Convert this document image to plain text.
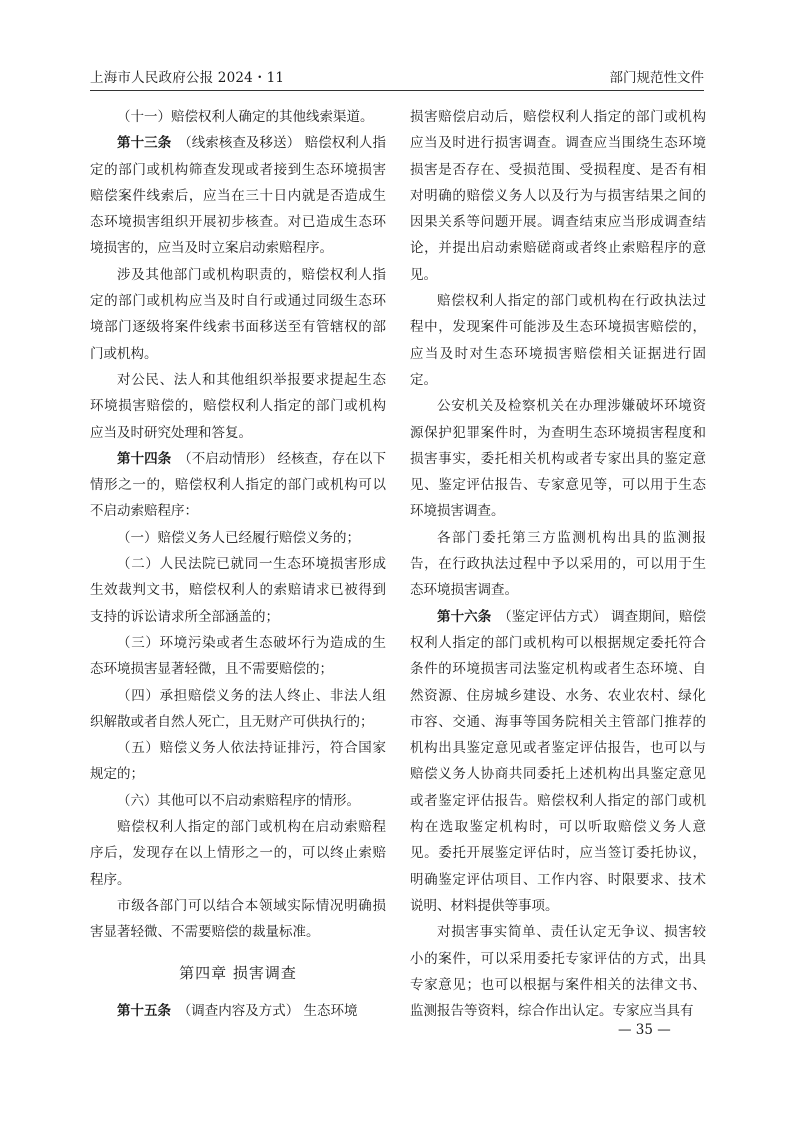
上海市人民政府公报 2024・11	部门规范性文件

（十一）赔偿权利人确定的其他线索渠道。

第十三条　 （线索核查及移送） 赔偿权利人指定的部门或机构筛查发现或者接到生态环境损害赔偿案件线索后，应当在三十日内就是否造成生态环境损害组织开展初步核查。对已造成生态环境损害的，应当及时立案启动索赔程序。

涉及其他部门或机构职责的，赔偿权利人指定的部门或机构应当及时自行或通过同级生态环境部门逐级将案件线索书面移送至有管辖权的部门或机构。

对公民、法人和其他组织举报要求提起生态环境损害赔偿的，赔偿权利人指定的部门或机构应当及时研究处理和答复。

第十四条　 （不启动情形） 经核查，存在以下情形之一的，赔偿权利人指定的部门或机构可以不启动索赔程序：

（一）赔偿义务人已经履行赔偿义务的；

（二）人民法院已就同一生态环境损害形成生效裁判文书，赔偿权利人的索赔请求已被得到支持的诉讼请求所全部涵盖的；

（三）环境污染或者生态破坏行为造成的生态环境损害显著轻微，且不需要赔偿的；

（四）承担赔偿义务的法人终止、非法人组织解散或者自然人死亡，且无财产可供执行的；

（五）赔偿义务人依法持证排污，符合国家规定的；

（六）其他可以不启动索赔程序的情形。

赔偿权利人指定的部门或机构在启动索赔程序后，发现存在以上情形之一的，可以终止索赔程序。

市级各部门可以结合本领域实际情况明确损害显著轻微、不需要赔偿的裁量标准。

第四章 损害调查

第十五条　 （调查内容及方式） 生态环境

损害赔偿启动后，赔偿权利人指定的部门或机构应当及时进行损害调查。调查应当围绕生态环境损害是否存在、受损范围、受损程度、是否有相对明确的赔偿义务人以及行为与损害结果之间的因果关系等问题开展。调查结束应当形成调查结论，并提出启动索赔磋商或者终止索赔程序的意见。

赔偿权利人指定的部门或机构在行政执法过程中，发现案件可能涉及生态环境损害赔偿的，应当及时对生态环境损害赔偿相关证据进行固定。

公安机关及检察机关在办理涉嫌破坏环境资源保护犯罪案件时，为查明生态环境损害程度和损害事实，委托相关机构或者专家出具的鉴定意见、鉴定评估报告、专家意见等，可以用于生态环境损害调查。

各部门委托第三方监测机构出具的监测报告，在行政执法过程中予以采用的，可以用于生态环境损害调查。

第十六条　 （鉴定评估方式） 调查期间，赔偿权利人指定的部门或机构可以根据规定委托符合条件的环境损害司法鉴定机构或者生态环境、自然资源、住房城乡建设、水务、农业农村、绿化市容、交通、海事等国务院相关主管部门推荐的机构出具鉴定意见或者鉴定评估报告，也可以与赔偿义务人协商共同委托上述机构出具鉴定意见或者鉴定评估报告。赔偿权利人指定的部门或机构在选取鉴定机构时，可以听取赔偿义务人意见。委托开展鉴定评估时，应当签订委托协议，明确鉴定评估项目、工作内容、时限要求、技术说明、材料提供等事项。

对损害事实简单、责任认定无争议、损害较小的案件，可以采用委托专家评估的方式，出具专家意见；也可以根据与案件相关的法律文书、监测报告等资料，综合作出认定。专家应当具有

— 35 —
